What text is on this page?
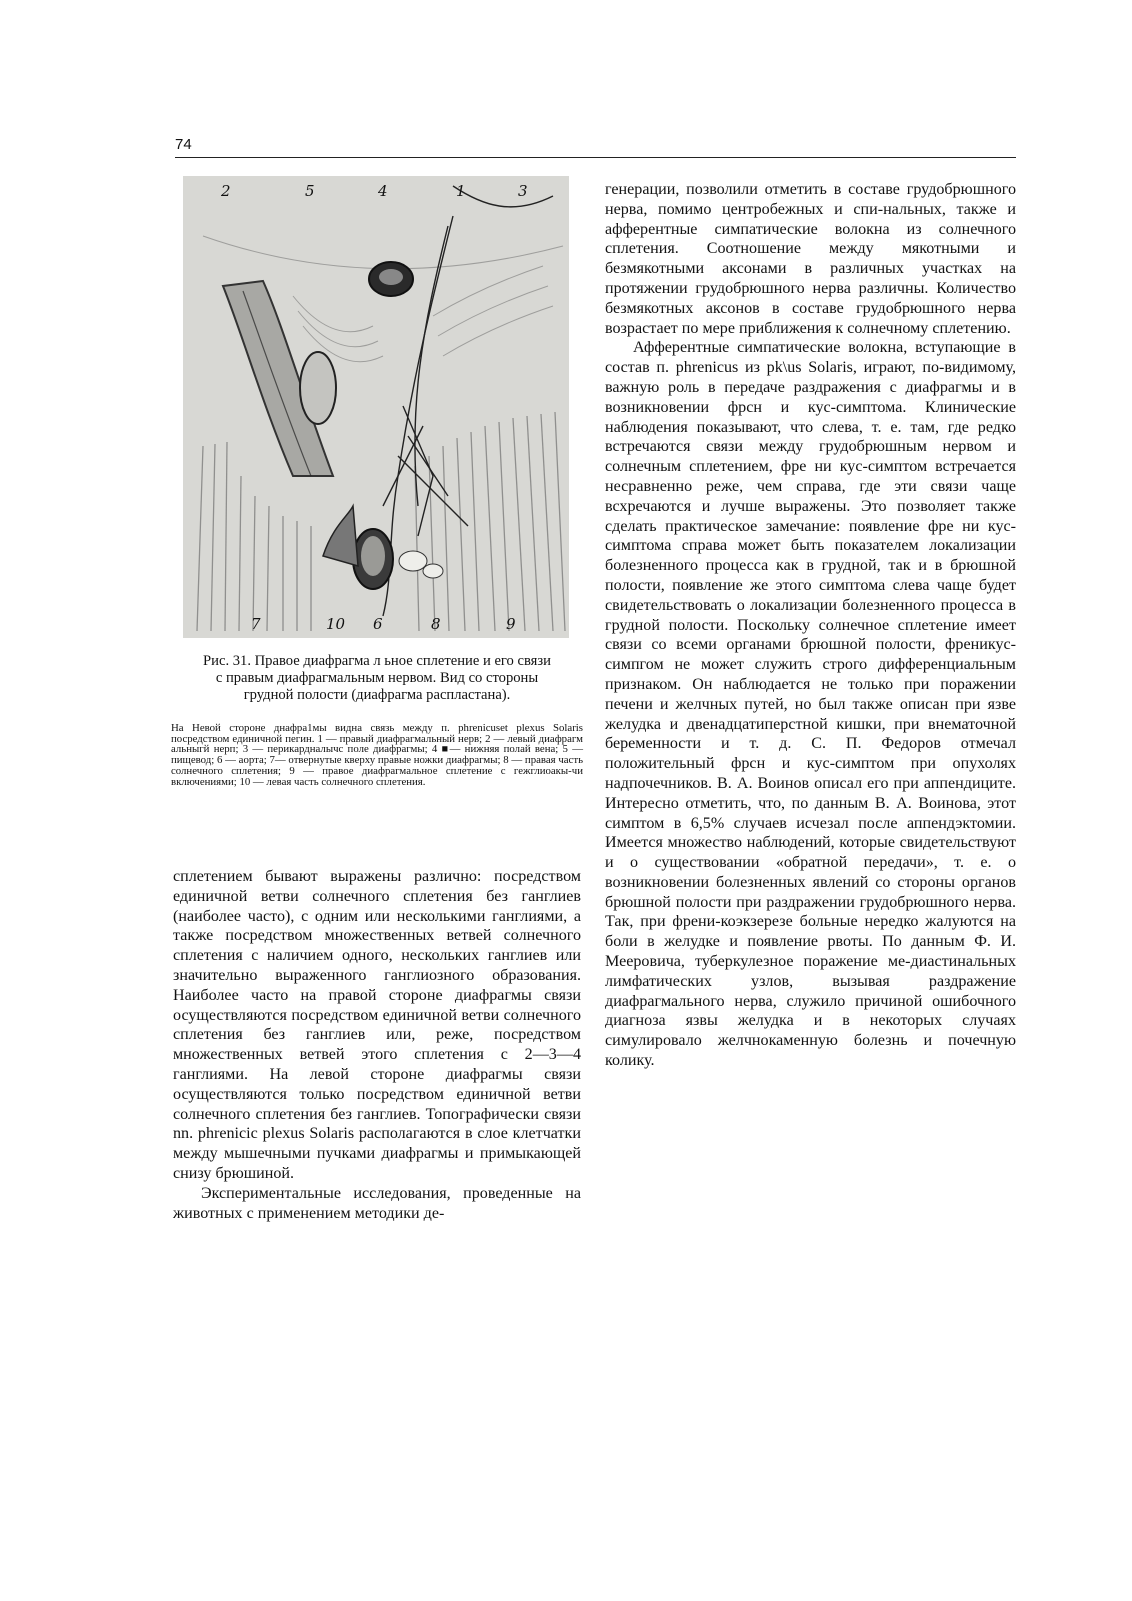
74
2	5	4	1	3
7	10 6	8	9
Рис. 31. Правое диафрагма л ьное сплетение и его связи
с правым диафрагмальным нервом. Вид со стороны
грудной полости (диафрагма распластана).
На Невой стороне днафра1мы видна связь между п. phrenicuset plexus Solaris посредством единичной пегин. 1 — правый диафрагмальный нерв; 2 — левый диафрагм альныгй нерп; 3 — перикардналычс поле диафрагмы; 4 ■— нижняя полай вена; 5 — пищевод; 6 — аорта; 7— отвернутые кверху правые ножки диафрагмы; 8 — правая часть солнечного сплетения; 9 — правое диафрагмальное сплетение с гежглиоакы-чи включениями; 10 — левая часть солнечного сплетения.

сплетением бывают выражены различно: посредством единичной ветви солнечного сплетения без ганглиев (наиболее часто), с одним или несколькими ганглиями, а также посредством множественных ветвей солнечного сплетения с наличием одного, нескольких ганглиев или значительно выраженного ганглиозного образования. Наиболее часто на правой стороне диафрагмы связи осуществляются посредством единичной ветви солнечного сплетения без ганглиев или, реже, посредством множественных ветвей этого сплетения с 2—3—4 ганглиями. На левой стороне диафрагмы связи осуществляются только посредством единичной ветви солнечного сплетения без ганглиев. Топографически связи nn. phrenicic plexus Solaris располагаются в слое клетчатки между мышечными пучками диафрагмы и примыкающей снизу брюшиной.

Экспериментальные исследования, проведенные на животных с применением методики де-

генерации, позволили отметить в составе грудобрюшного нерва, помимо центробежных и спи-нальных, также и афферентные симпатические волокна из солнечного сплетения. Соотношение между мякотными и безмякотными аксонами в различных участках на протяжении грудобрюшного нерва различны. Количество безмякотных аксонов в составе грудобрюшного нерва возрастает по мере приближения к солнечному сплетению.

Афферентные симпатические волокна, вступающие в состав п. phrenicus из pk\us Solaris, играют, по-видимому, важную роль в передаче раздражения с диафрагмы и в возникновении фрсн и кус-симптома. Клинические наблюдения показывают, что слева, т. е. там, где редко встречаются связи между грудобрюшным нервом и солнечным сплетением, фре ни кус-симптом встречается несравненно реже, чем справа, где эти связи чаще всхречаются и лучше выражены. Это позволяет также сделать практическое замечание: появление фре ни кус-симптома справа может быть показателем локализации болезненного процесса как в грудной, так и в брюшной полости, появление же этого симптома слева чаще будет свидетельствовать о локализации болезненного процесса в грудной полости. Поскольку солнечное сплетение имеет связи со всеми органами брюшной полости, френикус-симпгом не может служить строго дифференциальным признаком. Он наблюдается не только при поражении печени и желчных путей, но был также описан при язве желудка и двенадцатиперстной кишки, при внематочной беременности и т. д. С. П. Федоров отмечал положительный фрсн и кус-симптом при опухолях надпочечников. В. А. Воинов описал его при аппендиците. Интересно отметить, что, по данным В. А. Воинова, этот симптом в 6,5% случаев исчезал после аппендэктомии. Имеется множество наблюдений, которые свидетельствуют и о существовании «обратной передачи», т. е. о возникновении болезненных явлений со стороны органов брюшной полости при раздражении грудобрюшного нерва. Так, при френи-коэкзерезе больные нередко жалуются на боли в желудке и появление рвоты. По данным Ф. И. Мееровича, туберкулезное поражение ме-диастинальных лимфатических узлов, вызывая раздражение диафрагмального нерва, служило причиной ошибочного диагноза язвы желудка и в некоторых случаях симулировало желчнокаменную болезнь и почечную колику.
